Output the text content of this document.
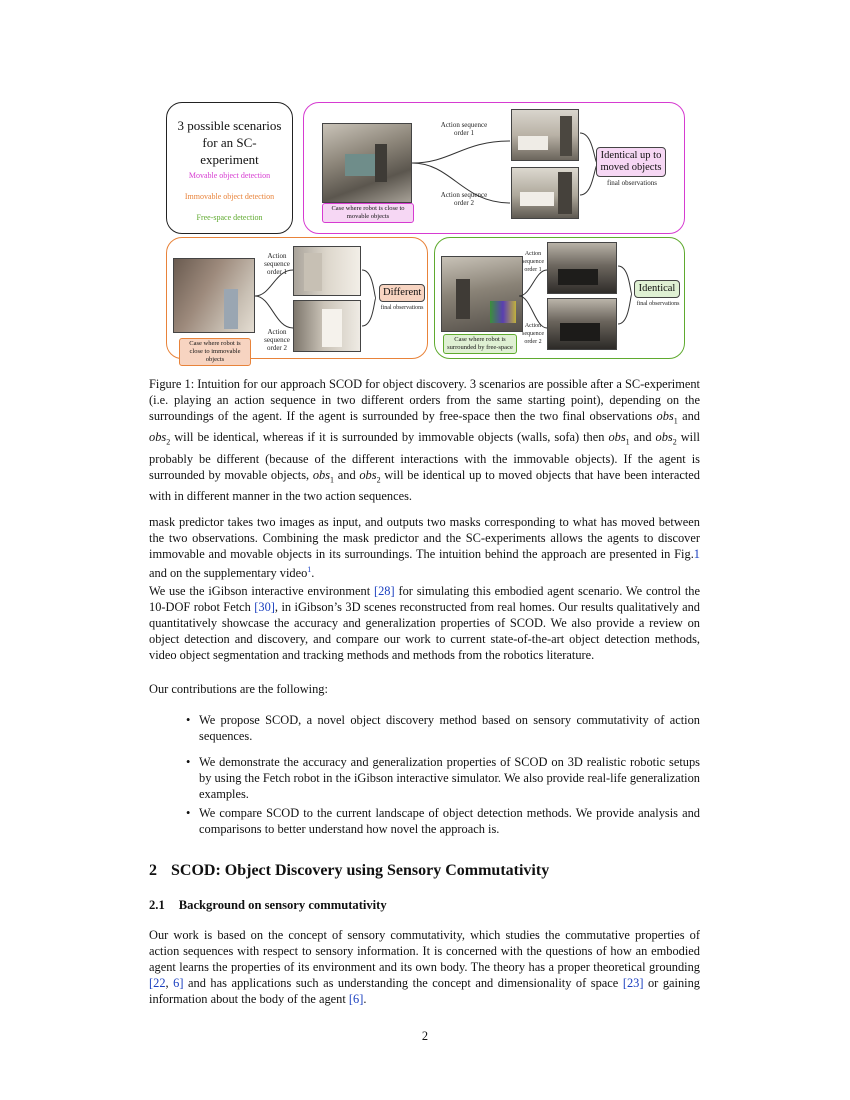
3 possible scenarios for an SC-experiment
Movable object detection
Immovable object detection
Free-space detection
Case where robot is close to movable objects
Action sequence order 1
Action sequence order 2
Identical up to moved objects
final observations
Case where robot is close to immovable objects
Action sequence order 1
Action sequence order 2
Different
final observations
Case where robot is surrounded by free-space
Action sequence order 1
Action sequence order 2
Identical
final observations
Figure 1: Intuition for our approach SCOD for object discovery. 3 scenarios are possible after a SC-experiment (i.e. playing an action sequence in two different orders from the same starting point), depending on the surroundings of the agent. If the agent is surrounded by free-space then the two final observations obs$_1$ and obs$_2$ will be identical, whereas if it is surrounded by immovable objects (walls, sofa) then obs$_1$ and obs$_2$ will probably be different (because of the different interactions with the immovable objects). If the agent is surrounded by movable objects, obs$_1$ and obs$_2$ will be identical up to moved objects that have been interacted with in different manner in the two action sequences.

mask predictor takes two images as input, and outputs two masks corresponding to what has moved between the two observations. Combining the mask predictor and the SC-experiments allows the agents to discover immovable and movable objects in its surroundings. The intuition behind the approach are presented in Fig.1 and on the supplementary video$^1$.

We use the iGibson interactive environment [28] for simulating this embodied agent scenario. We control the 10-DOF robot Fetch [30], in iGibson’s 3D scenes reconstructed from real homes. Our results qualitatively and quantitatively showcase the accuracy and generalization properties of SCOD. We also provide a review on object detection and discovery, and compare our work to current state-of-the-art object detection methods, video object segmentation and tracking methods and methods from the robotics literature.

Our contributions are the following:

• We propose SCOD, a novel object discovery method based on sensory commutativity of action sequences.
• We demonstrate the accuracy and generalization properties of SCOD on 3D realistic robotic setups by using the Fetch robot in the iGibson interactive simulator. We also provide real-life generalization examples.
• We compare SCOD to the current landscape of object detection methods. We provide analysis and comparisons to better understand how novel the approach is.
2 SCOD: Object Discovery using Sensory Commutativity
2.1 Background on sensory commutativity

Our work is based on the concept of sensory commutativity, which studies the commutative properties of action sequences with respect to sensory information. It is concerned with the questions of how an embodied agent learns the properties of its environment and its own body. The theory has a proper theoretical grounding [22, 6] and has applications such as understanding the concept and dimensionality of space [23] or gaining information about the body of the agent [6].

2
